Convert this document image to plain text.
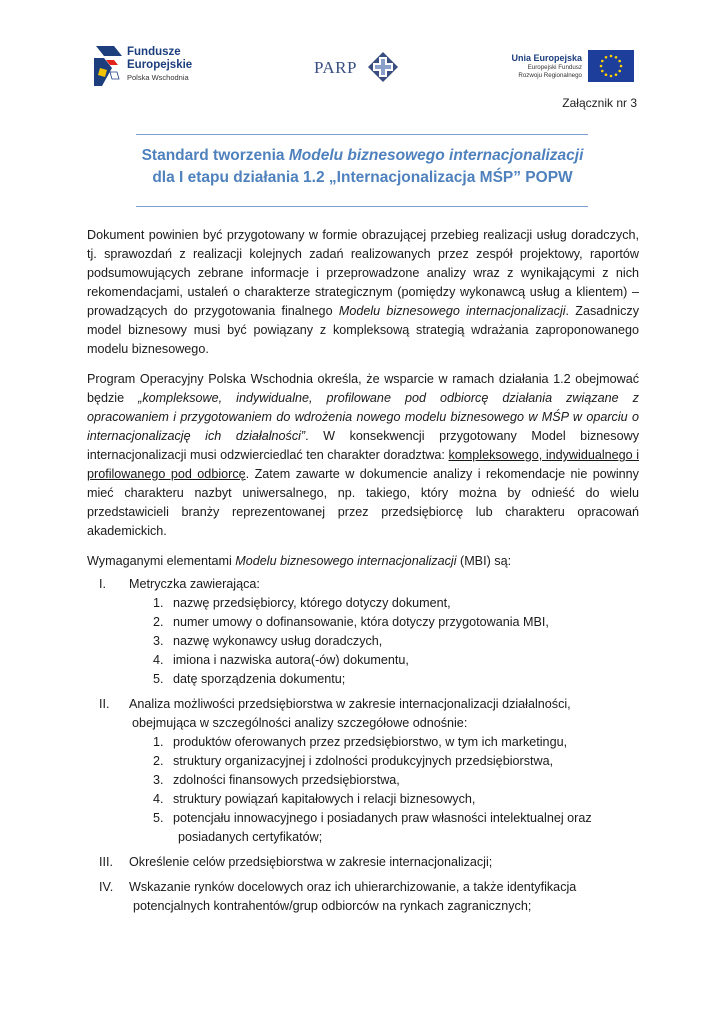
Fundusze
Europejskie
Polska Wschodnia
PARP	Unia Europejska
Europejski Fundusz
Rozwoju Regionalnego
Załącznik nr 3
Standard tworzenia Modelu biznesowego internacjonalizacji
dla I etapu działania 1.2 „Internacjonalizacja MŚP” POPW

Dokument powinien być przygotowany w formie obrazującej przebieg realizacji usług doradczych, tj. sprawozdań z realizacji kolejnych zadań realizowanych przez zespół projektowy, raportów podsumowujących zebrane informacje i przeprowadzone analizy wraz z wynikającymi z nich rekomendacjami, ustaleń o charakterze strategicznym (pomiędzy wykonawcą usług a klientem) – prowadzących do przygotowania finalnego Modelu biznesowego internacjonalizacji. Zasadniczy model biznesowy musi być powiązany z kompleksową strategią wdrażania zaproponowanego modelu biznesowego.

Program Operacyjny Polska Wschodnia określa, że wsparcie w ramach działania 1.2 obejmować będzie „kompleksowe, indywidualne, profilowane pod odbiorcę działania związane z opracowaniem i przygotowaniem do wdrożenia nowego modelu biznesowego w MŚP w oparciu o internacjonalizację ich działalności”. W konsekwencji przygotowany Model biznesowy internacjonalizacji musi odzwierciedlać ten charakter doradztwa: kompleksowego, indywidualnego i profilowanego pod odbiorcę. Zatem zawarte w dokumencie analizy i rekomendacje nie powinny mieć charakteru nazbyt uniwersalnego, np. takiego, który można by odnieść do wielu przedstawicieli branży reprezentowanej przez przedsiębiorcę lub charakteru opracowań akademickich.

Wymaganymi elementami Modelu biznesowego internacjonalizacji (MBI) są:

I. Metryczka zawierająca:
1. nazwę przedsiębiorcy, którego dotyczy dokument,
2. numer umowy o dofinansowanie, która dotyczy przygotowania MBI,
3. nazwę wykonawcy usług doradczych,
4. imiona i nazwiska autora(-ów) dokumentu,
5. datę sporządzenia dokumentu;
II. Analiza możliwości przedsiębiorstwa w zakresie internacjonalizacji działalności,
obejmująca w szczególności analizy szczegółowe odnośnie:
1. produktów oferowanych przez przedsiębiorstwo, w tym ich marketingu,
2. struktury organizacyjnej i zdolności produkcyjnych przedsiębiorstwa,
3. zdolności finansowych przedsiębiorstwa,
4. struktury powiązań kapitałowych i relacji biznesowych,
5. potencjału innowacyjnego i posiadanych praw własności intelektualnej oraz
posiadanych certyfikatów;
III. Określenie celów przedsiębiorstwa w zakresie internacjonalizacji;
IV. Wskazanie rynków docelowych oraz ich uhierarchizowanie, a także identyfikacja
potencjalnych kontrahentów/grup odbiorców na rynkach zagranicznych;
